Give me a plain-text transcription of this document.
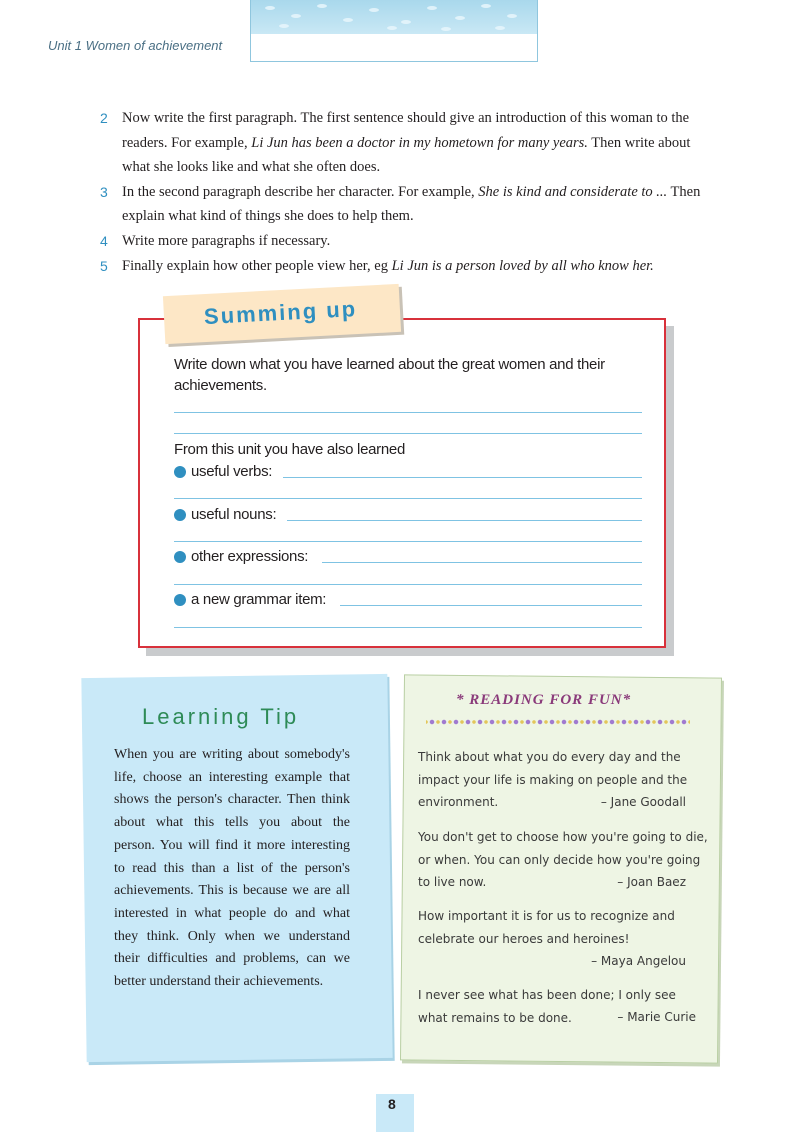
Unit 1 Women of achievement
2 Now write the first paragraph. The first sentence should give an introduction of this woman to the readers. For example, Li Jun has been a doctor in my hometown for many years. Then write about what she looks like and what she often does.
3 In the second paragraph describe her character. For example, She is kind and considerate to ... Then explain what kind of things she does to help them.
4 Write more paragraphs if necessary.
5 Finally explain how other people view her, eg Li Jun is a person loved by all who know her.
Summing up
Write down what you have learned about the great women and their achievements.
From this unit you have also learned
useful verbs:
useful nouns:
other expressions:
a new grammar item:
Learning Tip
When you are writing about somebody's life, choose an interesting example that shows the person's character. Then think about what this tells you about the person. You will find it more interesting to read this than a list of the person's achievements. This is because we are all interested in what people do and what they think. Only when we understand their difficulties and problems, can we better understand their achievements.
* READING FOR FUN*
Think about what you do every day and the impact your life is making on people and the environment.	– Jane Goodall
You don't get to choose how you're going to die, or when. You can only decide how you're going to live now.	– Joan Baez
How important it is for us to recognize and celebrate our heroes and heroines!
– Maya Angelou
I never see what has been done; I only see what remains to be done.	– Marie Curie
8
